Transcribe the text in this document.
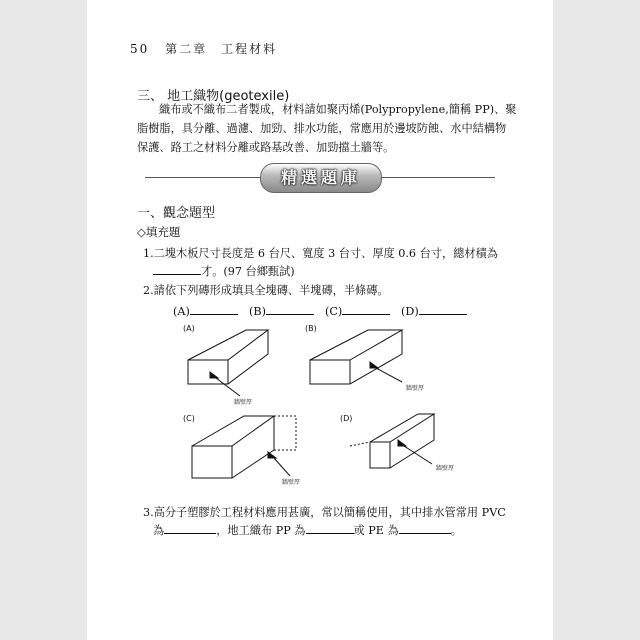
50 第二章　工程材料
三、 地工織物(geotexile)
織布或不織布二者製成，材料請如聚丙烯(Polypropylene,簡稱 PP)、聚脂樹脂，具分離、過濾、加勁、排水功能，常應用於邊坡防蝕、水中結構物保護、路工之材料分離或路基改善、加勁擋土牆等。
精選題庫
一、觀念題型
◇填充題
1.二塊木板尺寸長度是 6 台尺、寬度 3 台寸、厚度 0.6 台寸，總材積為
才。(97 台鄉甄試)
2.請依下列磚形成填具全塊磚、半塊磚，半條磚。
(A)	(B)	(C)	(D)
(A)	(B)
(C)	(D)
牆壁厚
牆壁厚
牆壁厚
牆壁厚
3.高分子塑膠於工程材料應用甚廣，常以簡稱使用，其中排水管常用 PVC
為	，地工織布 PP 為	或 PE 為	。
